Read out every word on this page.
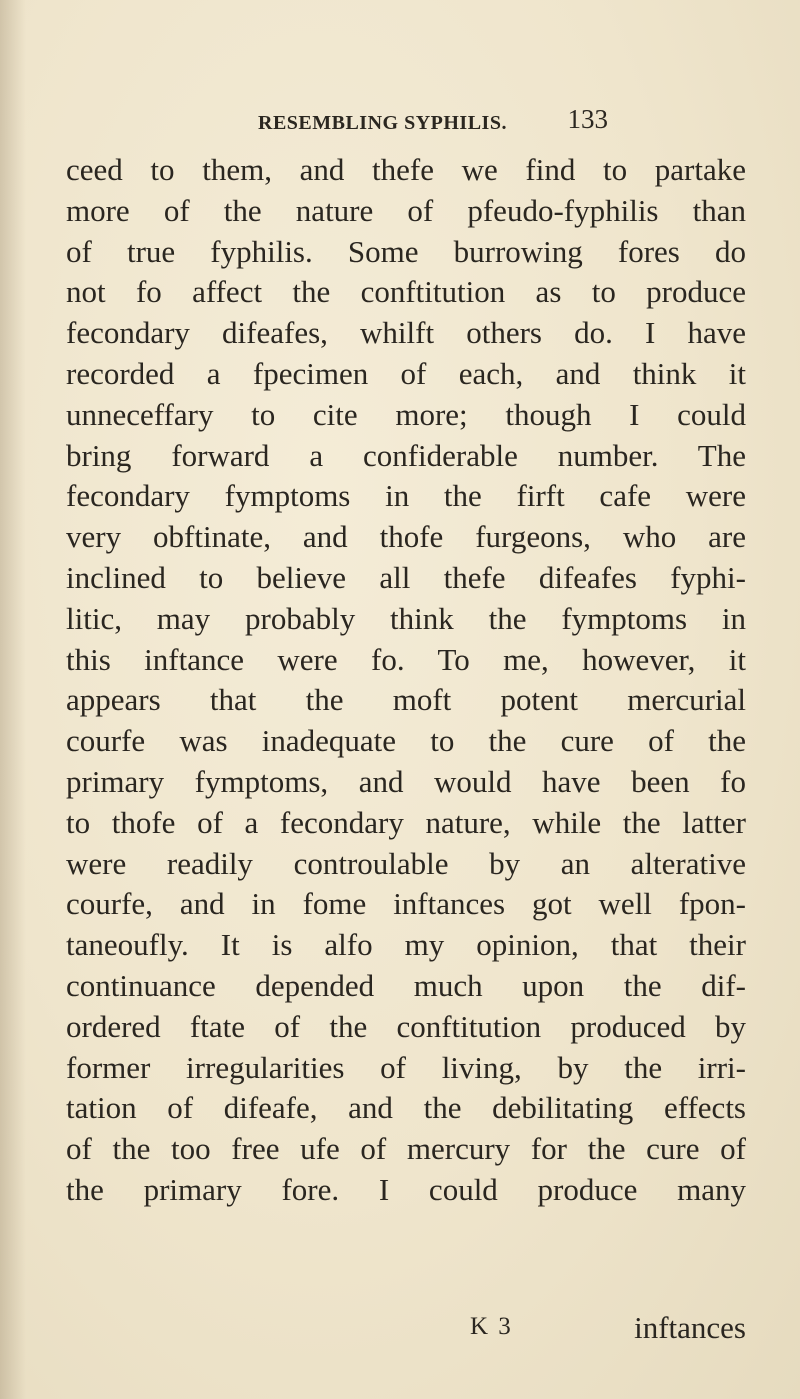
RESEMBLING SYPHILIS. 133
ceed to them, and thefe we find to partake
more of the nature of pfeudo-fyphilis than
of true fyphilis. Some burrowing fores do
not fo affect the conftitution as to produce
fecondary difeafes, whilft others do. I have
recorded a fpecimen of each, and think it
unneceffary to cite more; though I could
bring forward a confiderable number. The
fecondary fymptoms in the firft cafe were
very obftinate, and thofe furgeons, who are
inclined to believe all thefe difeafes fyphi-
litic, may probably think the fymptoms in
this inftance were fo. To me, however, it
appears that the moft potent mercurial
courfe was inadequate to the cure of the
primary fymptoms, and would have been fo
to thofe of a fecondary nature, while the latter
were readily controulable by an alterative
courfe, and in fome inftances got well fpon-
taneoufly. It is alfo my opinion, that their
continuance depended much upon the dif-
ordered ftate of the conftitution produced by
former irregularities of living, by the irri-
tation of difeafe, and the debilitating effects
of the too free ufe of mercury for the cure of
the primary fore. I could produce many
K 3	inftances
